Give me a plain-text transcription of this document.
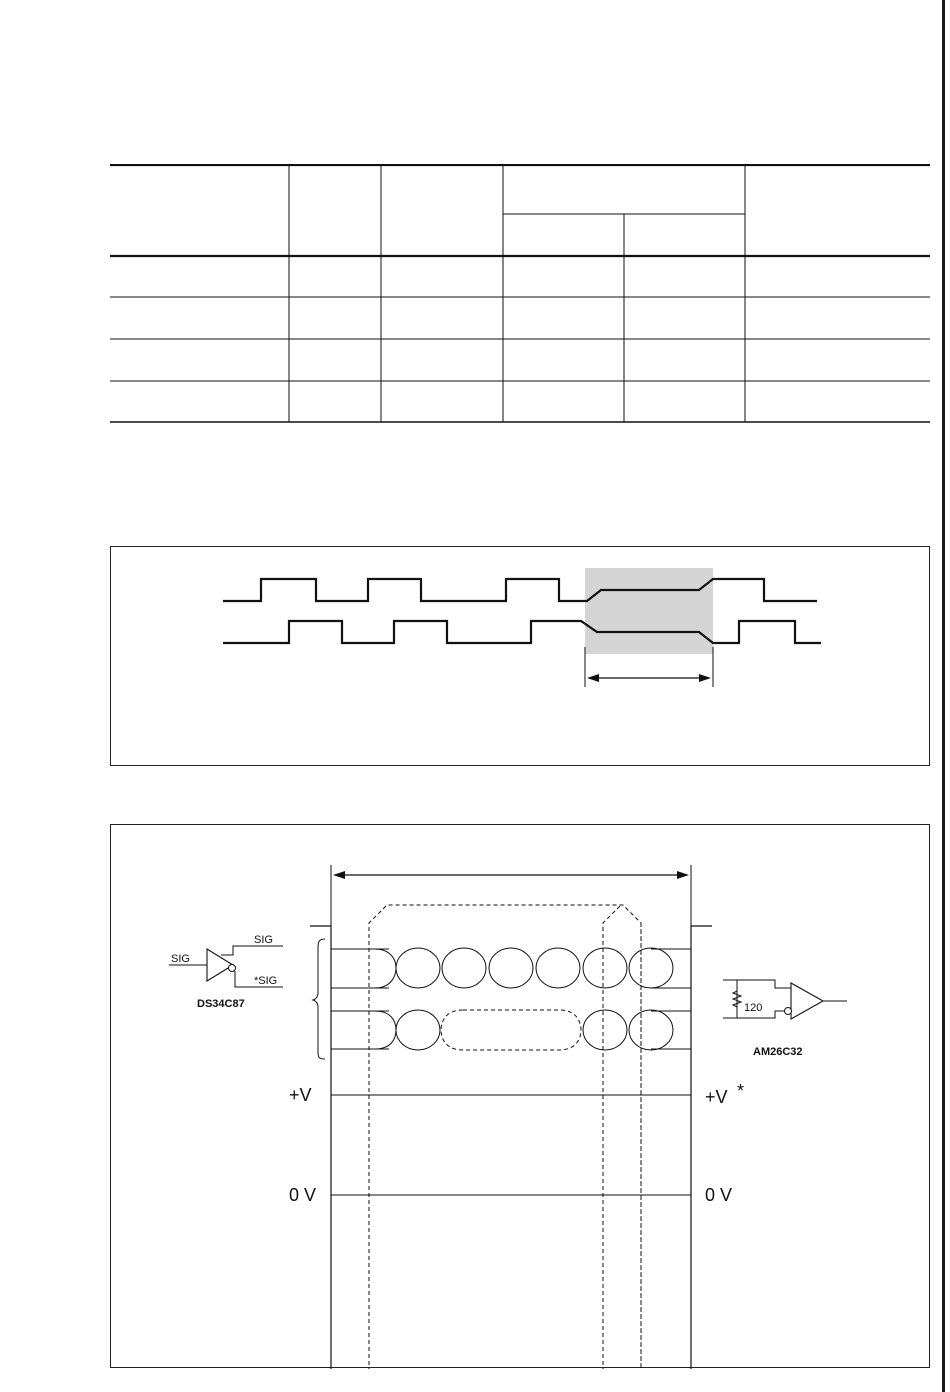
SIG
SIG
*SIG
DS34C87	120
AM26C32
+V	+V *
0 V	0 V
